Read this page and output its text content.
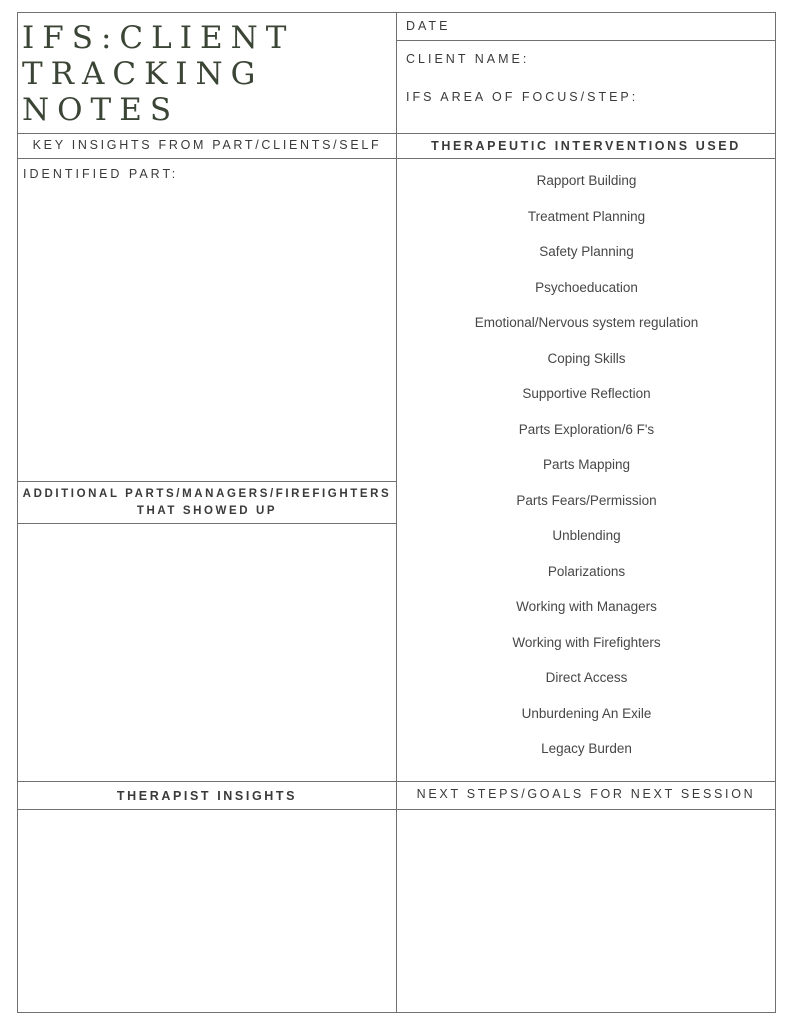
IFS:CLIENT
TRACKING
NOTES
DATE
CLIENT NAME:
IFS AREA OF FOCUS/STEP:
KEY INSIGHTS FROM PART/CLIENTS/SELF	THERAPEUTIC INTERVENTIONS USED
IDENTIFIED PART:
ADDITIONAL PARTS/MANAGERS/FIREFIGHTERS
THAT SHOWED UP
Rapport Building
Treatment Planning
Safety Planning
Psychoeducation
Emotional/Nervous system regulation
Coping Skills
Supportive Reflection
Parts Exploration/6 F's
Parts Mapping
Parts Fears/Permission
Unblending
Polarizations
Working with Managers
Working with Firefighters
Direct Access
Unburdening An Exile
Legacy Burden
THERAPIST INSIGHTS	NEXT STEPS/GOALS FOR NEXT SESSION
